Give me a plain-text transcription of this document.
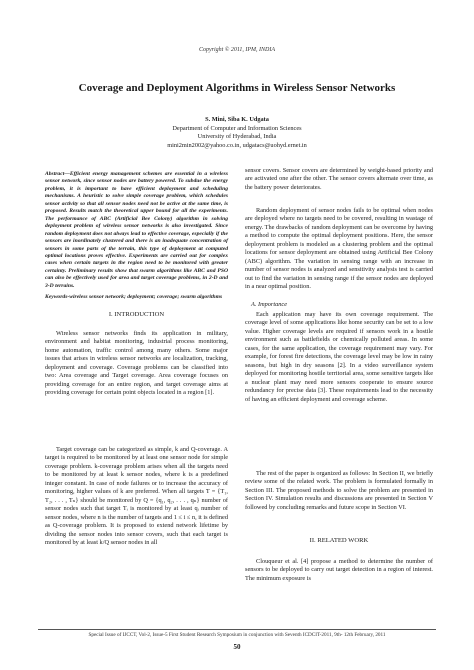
Copyright © 2011, IPM, INDIA
Coverage and Deployment Algorithms in Wireless Sensor Networks
S. Mini, Siba K. Udgata
Department of Computer and Information Sciences
University of Hyderabad, India
mini2min2002@yahoo.co.in, udgatacs@uohyd.ernet.in

Abstract—Efficient energy management schemes are essential in a wireless sensor network, since sensor nodes are battery powered. To subdue the energy problem, it is important to have efficient deployment and scheduling mechanisms. A heuristic to solve simple coverage problem, which schedules sensor activity so that all sensor nodes need not be active at the same time, is proposed. Results match the theoretical upper bound for all the experiments. The performance of ABC (Artificial Bee Colony) algorithm in solving deployment problem of wireless sensor networks is also investigated. Since random deployment does not always lead to effective coverage, especially if the sensors are inordinately clustered and there is an inadequate concentration of sensors in some parts of the terrain, this type of deployment at computed optimal locations proves effective. Experiments are carried out for complex cases when certain targets in the region need to be monitored with greater certainty. Preliminary results show that swarm algorithms like ABC and PSO can also be effectively used for area and target coverage problems, in 2-D and 3-D terrains.

Keywords-wireless sensor network; deployment; coverage; swarm algorithms

I. INTRODUCTION

Wireless sensor networks finds its application in military, environment and habitat monitoring, industrial process monitoring, home automation, traffic control among many others. Some major issues that arises in wireless sensor networks are localization, tracking, deployment and coverage. Coverage problems can be classified into two: Area coverage and Target coverage. Area coverage focuses on providing coverage for an entire region, and target coverage aims at providing coverage for certain point objects located in a region [1].

Target coverage can be categorized as simple, k and Q-coverage. A target is required to be monitored by at least one sensor node for simple coverage problem. k-coverage problem arises when all the targets need to be monitored by at least k sensor nodes, where k is a predefined integer constant. In case of node failures or to increase the accuracy of monitoring, higher values of k are preferred. When all targets T = {T₁, T₂, . . . , Tₙ} should be monitored by Q = {q₁, q₂, . . . , qₙ} number of sensor nodes such that target Tᵢ is monitored by at least qᵢ number of sensor nodes, where n is the number of targets and 1 ≤ i ≤ n, it is defined as Q-coverage problem. It is proposed to extend network lifetime by dividing the sensor nodes into sensor covers, such that each target is monitored by at least k/Q sensor nodes in all

sensor covers. Sensor covers are determined by weight-based priority and are activated one after the other. The sensor covers alternate over time, as the battery power deteriorates.

Random deployment of sensor nodes fails to be optimal when nodes are deployed where no targets need to be covered, resulting in wastage of energy. The drawbacks of random deployment can be overcome by having a method to compute the optimal deployment positions. Here, the sensor deployment problem is modeled as a clustering problem and the optimal locations for sensor deployment are obtained using Artificial Bee Colony (ABC) algorithm. The variation in sensing range with an increase in number of sensor nodes is analyzed and sensitivity analysis test is carried out to find the variation in sensing range if the sensor nodes are deployed in a near optimal position.

A. Importance

Each application may have its own coverage requirement. The coverage level of some applications like home security can be set to a low value. Higher coverage levels are required if sensors work in a hostile environment such as battlefields or chemically polluted areas. In some cases, for the same application, the coverage requirement may vary. For example, for forest fire detections, the coverage level may be low in rainy seasons, but high in dry seasons [2]. In a video surveillance system deployed for monitoring hostile territorial area, some sensitive targets like a nuclear plant may need more sensors cooperate to ensure source redundancy for precise data [3]. These requirements lead to the necessity of having an efficient deployment and coverage scheme.

The rest of the paper is organized as follows: In Section II, we briefly review some of the related work. The problem is formulated formally in Section III. The proposed methods to solve the problem are presented in Section IV. Simulation results and discussions are presented in Section V followed by concluding remarks and future scope in Section VI.

II. RELATED WORK

Clouqueur et al. [4] propose a method to determine the number of sensors to be deployed to carry out target detection in a region of interest. The minimum exposure is

Special Issue of IJCCT, Vol-2, Issue-5 First Student Research Symposium in conjunction with Seventh ICDCIT-2011, 9th- 12th February, 2011
50
